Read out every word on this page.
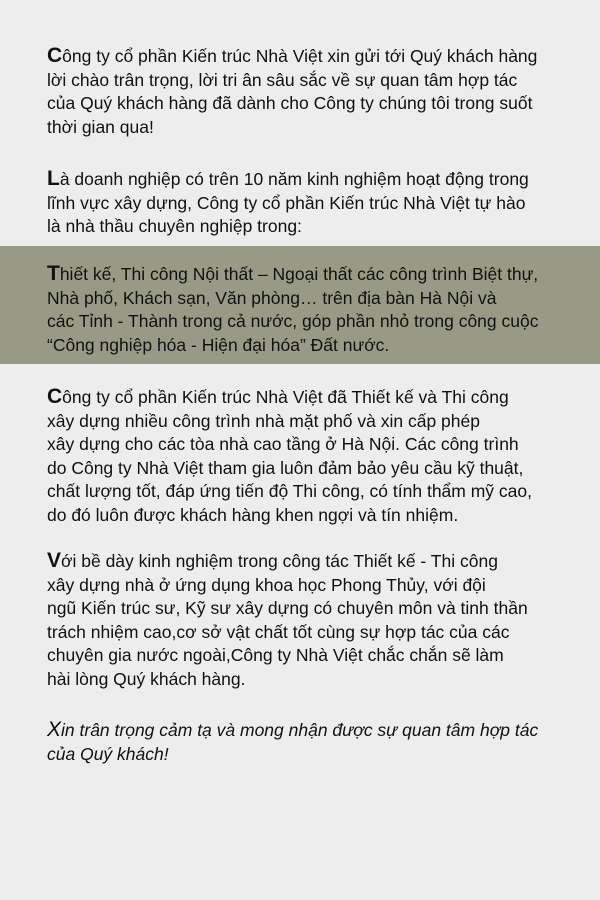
Công ty cổ phần Kiến trúc Nhà Việt xin gửi tới Quý khách hàng
lời chào trân trọng, lời tri ân sâu sắc về sự quan tâm hợp tác
của Quý khách hàng đã dành cho Công ty chúng tôi trong suốt
thời gian qua!
Là doanh nghiệp có trên 10 năm kinh nghiệm hoạt động trong
lĩnh vực xây dựng, Công ty cổ phần Kiến trúc Nhà Việt tự hào
là nhà thầu chuyên nghiệp trong:
Thiết kế, Thi công Nội thất – Ngoại thất các công trình Biệt thự,
Nhà phố, Khách sạn, Văn phòng… trên địa bàn Hà Nội và
các Tỉnh - Thành trong cả nước, góp phần nhỏ trong công cuộc
“Công nghiệp hóa - Hiện đại hóa” Đất nước.
Công ty cổ phần Kiến trúc Nhà Việt đã Thiết kế và Thi công
xây dựng nhiều công trình nhà mặt phố và xin cấp phép
xây dựng cho các tòa nhà cao tầng ở Hà Nội. Các công trình
do Công ty Nhà Việt tham gia luôn đảm bảo yêu cầu kỹ thuật,
chất lượng tốt, đáp ứng tiến độ Thi công, có tính thẩm mỹ cao,
do đó luôn được khách hàng khen ngợi và tín nhiệm.
Với bề dày kinh nghiệm trong công tác Thiết kế - Thi công
xây dựng nhà ở ứng dụng khoa học Phong Thủy, với đội
ngũ Kiến trúc sư, Kỹ sư xây dựng có chuyên môn và tinh thần
trách nhiệm cao,cơ sở vật chất tốt cùng sự hợp tác của các
chuyên gia nước ngoài,Công ty Nhà Việt chắc chắn sẽ làm
hài lòng Quý khách hàng.
Xin trân trọng cảm tạ và mong nhận được sự quan tâm hợp tác
của Quý khách!
